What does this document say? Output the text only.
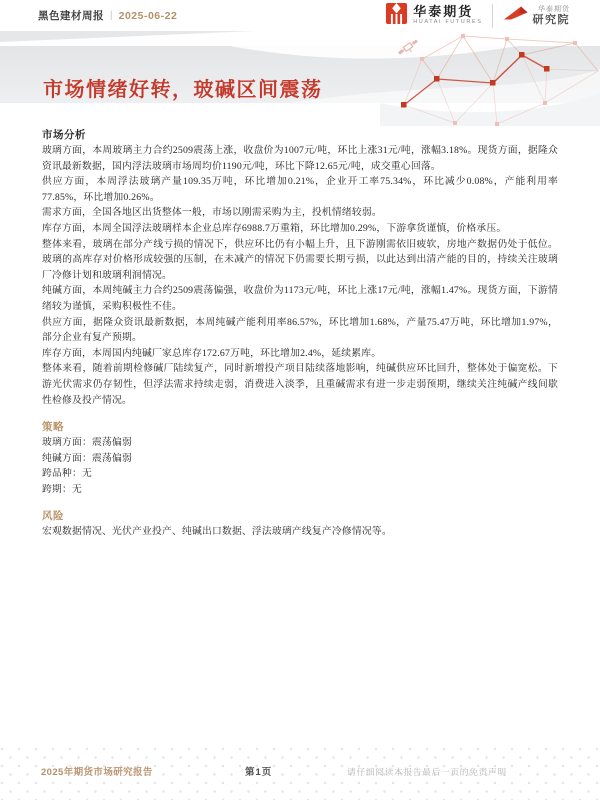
黑色建材周报 | 2025-06-22	华泰期货
HUATAI FUTURES
华泰期货
研究院
市场情绪好转，玻碱区间震荡

市场分析

玻璃方面，本周玻璃主力合约2509震荡上涨，收盘价为1007元/吨，环比上涨31元/吨，涨幅3.18%。现货方面，据隆众资讯最新数据，国内浮法玻璃市场周均价1190元/吨，环比下降12.65元/吨，成交重心回落。

供应方面，本周浮法玻璃产量109.35万吨，环比增加0.21%，企业开工率75.34%，环比减少0.08%，产能利用率77.85%，环比增加0.26%。

需求方面，全国各地区出货整体一般，市场以刚需采购为主，投机情绪较弱。

库存方面，本周全国浮法玻璃样本企业总库存6988.7万重箱，环比增加0.29%，下游拿货谨慎，价格承压。

整体来看，玻璃在部分产线亏损的情况下，供应环比仍有小幅上升，且下游刚需依旧疲软，房地产数据仍处于低位。玻璃的高库存对价格形成较强的压制，在未减产的情况下仍需要长期亏损，以此达到出清产能的目的，持续关注玻璃厂冷修计划和玻璃利润情况。

纯碱方面，本周纯碱主力合约2509震荡偏强，收盘价为1173元/吨，环比上涨17元/吨，涨幅1.47%。现货方面，下游情绪较为谨慎，采购积极性不佳。

供应方面，据隆众资讯最新数据，本周纯碱产能利用率86.57%，环比增加1.68%，产量75.47万吨，环比增加1.97%，部分企业有复产预期。

库存方面，本周国内纯碱厂家总库存172.67万吨，环比增加2.4%，延续累库。

整体来看，随着前期检修碱厂陆续复产，同时新增投产项目陆续落地影响，纯碱供应环比回升，整体处于偏宽松。下游光伏需求仍存韧性，但浮法需求持续走弱，消费进入淡季，且重碱需求有进一步走弱预期，继续关注纯碱产线间歇性检修及投产情况。

策略

玻璃方面：震荡偏弱

纯碱方面：震荡偏弱

跨品种：无

跨期：无

风险

宏观数据情况、光伏产业投产、纯碱出口数据、浮法玻璃产线复产冷修情况等。

2025年期货市场研究报告	第1页	请仔细阅读本报告最后一页的免责声明
